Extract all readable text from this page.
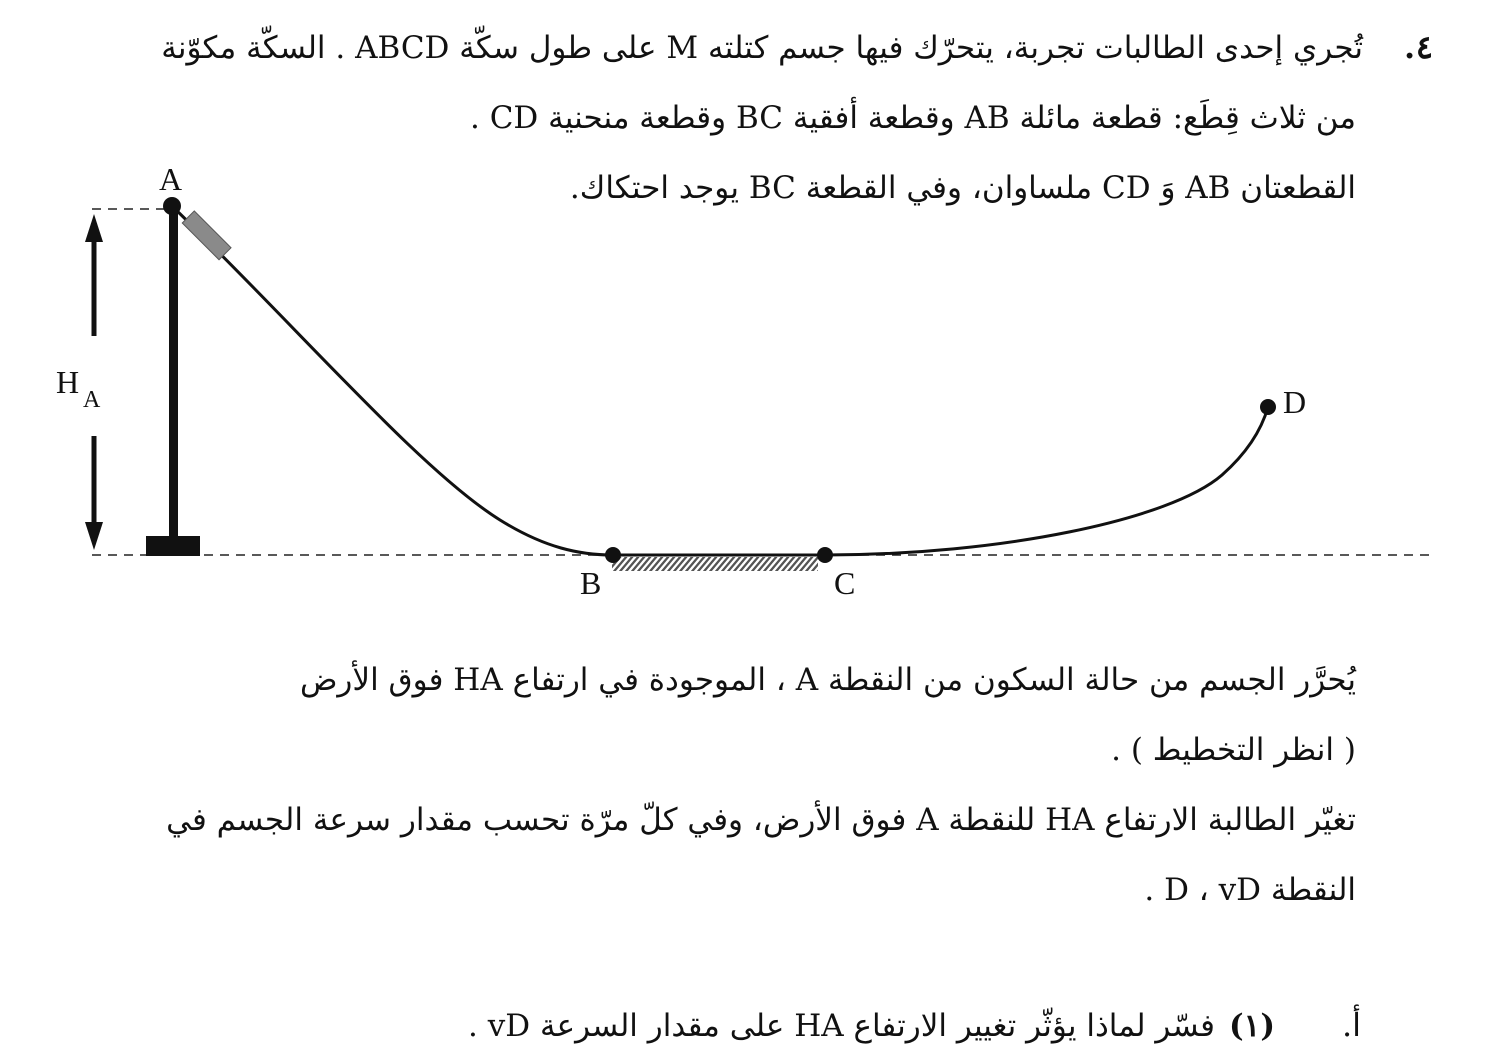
٤
.
تُجري إحدى الطالبات تجربة، يتحرّك فيها جسم كتلته M على طول سكّة ABCD . السكّة مكوّنة
من ثلاث قِطَع: قطعة مائلة AB وقطعة أفقية BC وقطعة منحنية CD .
القطعتان AB وَ CD ملساوان، وفي القطعة BC يوجد احتكاك.
A
B	C
D
H A
يُحرَّر الجسم من حالة السكون من النقطة A ، الموجودة في ارتفاع HA فوق الأرض
( انظر التخطيط ) .
تغيّر الطالبة الارتفاع HA للنقطة A فوق الأرض، وفي كلّ مرّة تحسب مقدار سرعة الجسم في
النقطة D ، vD .
أ.
(١)
فسّر لماذا يؤثّر تغيير الارتفاع HA على مقدار السرعة vD .
